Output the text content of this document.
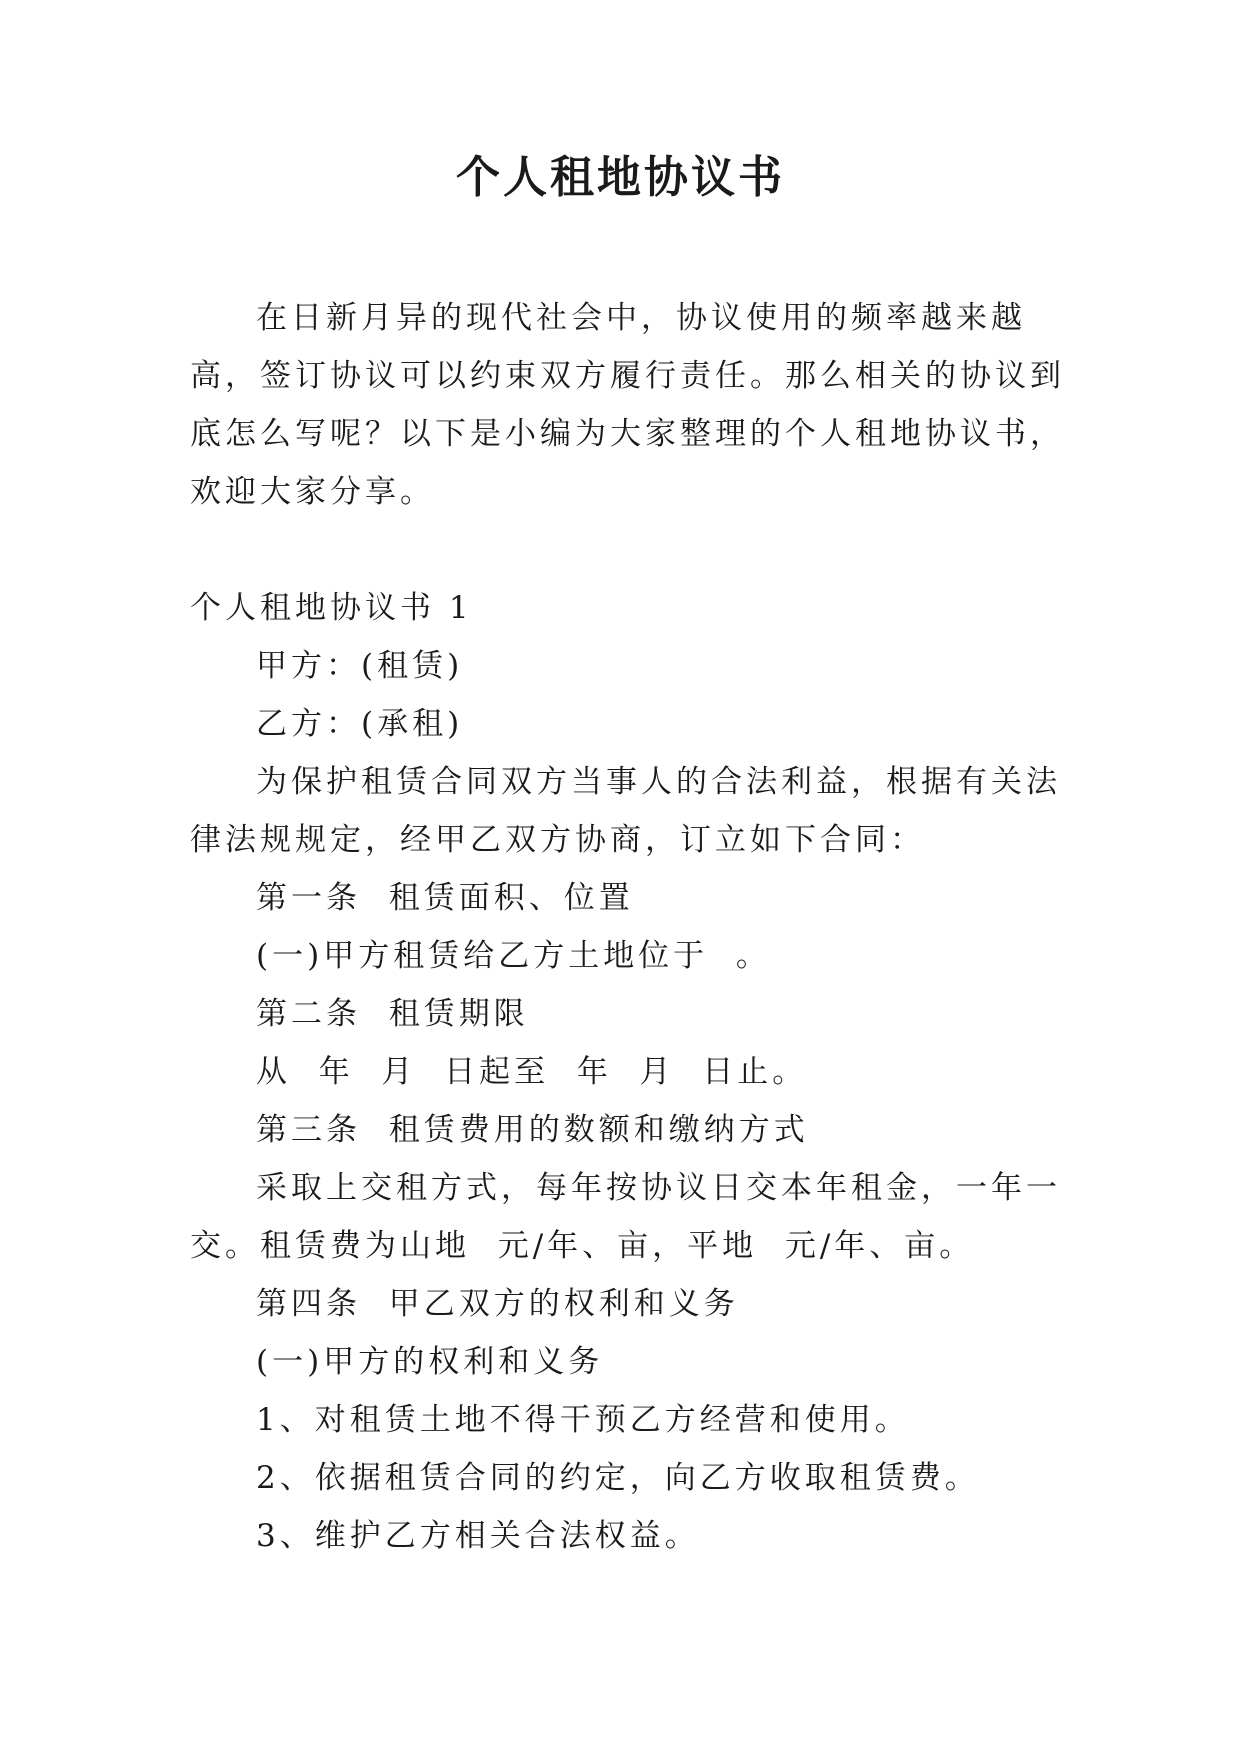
个人租地协议书

在日新月异的现代社会中，协议使用的频率越来越高，签订协议可以约束双方履行责任。那么相关的协议到底怎么写呢？以下是小编为大家整理的个人租地协议书，欢迎大家分享。

个人租地协议书 1

甲方：(租赁)

乙方：(承租)

为保护租赁合同双方当事人的合法利益，根据有关法律法规规定，经甲乙双方协商，订立如下合同：

第一条  租赁面积、位置

(一)甲方租赁给乙方土地位于  。

第二条  租赁期限

从  年  月  日起至  年  月  日止。

第三条  租赁费用的数额和缴纳方式

采取上交租方式，每年按协议日交本年租金，一年一交。租赁费为山地  元/年、亩，平地  元/年、亩。

第四条  甲乙双方的权利和义务

(一)甲方的权利和义务

1、对租赁土地不得干预乙方经营和使用。

2、依据租赁合同的约定，向乙方收取租赁费。

3、维护乙方相关合法权益。
